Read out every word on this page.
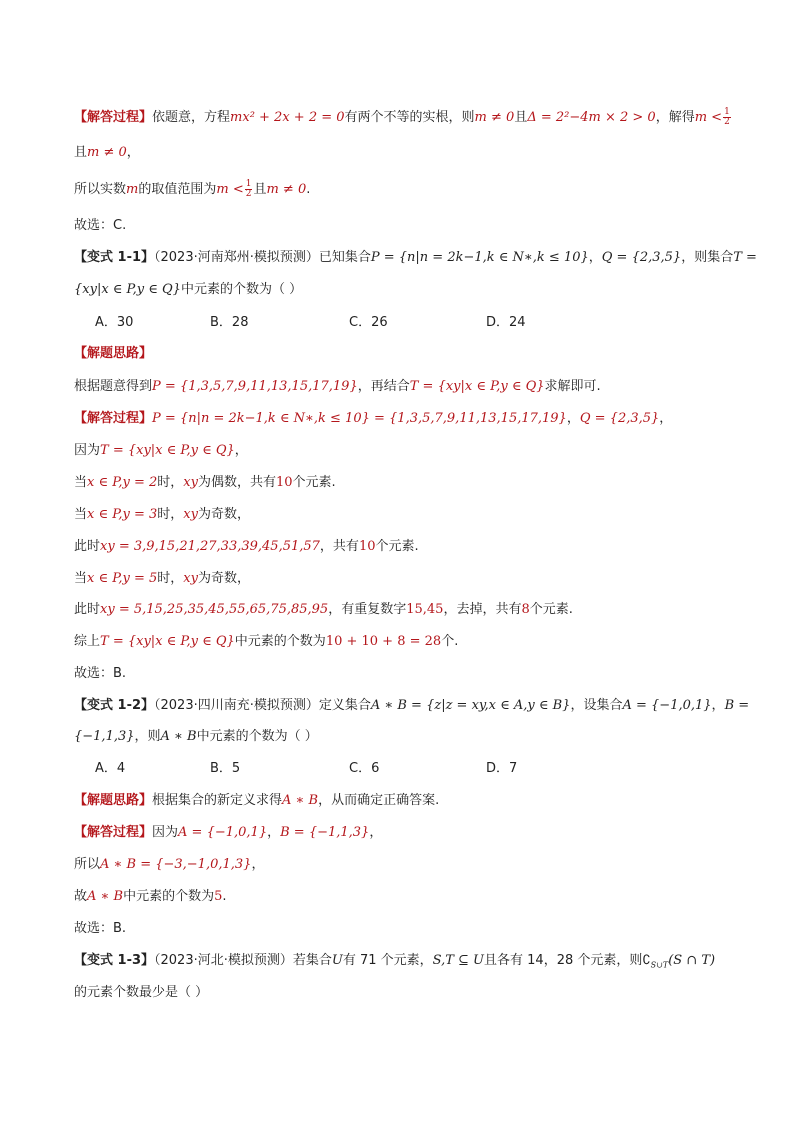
【解答过程】依题意，方程mx² + 2x + 2 = 0有两个不等的实根，则m ≠ 0且Δ = 2²−4m × 2 > 0，解得$m < \frac{1}{2}$
且m ≠ 0，
所以实数m的取值范围为$m < \frac{1}{2}$ 且m ≠ 0.
故选：C.
【变式 1-1】（2023·河南郑州·模拟预测）已知集合P = {n|n = 2k−1,k ∈ N∗,k ≤ 10}，Q = {2,3,5}，则集合T =
{xy|x ∈ P,y ∈ Q}中元素的个数为（ ）
A．30	B．28	C．26	D．24
【解题思路】
根据题意得到P = {1,3,5,7,9,11,13,15,17,19}，再结合T = {xy|x ∈ P,y ∈ Q}求解即可.
【解答过程】P = {n|n = 2k−1,k ∈ N∗,k ≤ 10} = {1,3,5,7,9,11,13,15,17,19}，Q = {2,3,5}，
因为T = {xy|x ∈ P,y ∈ Q}，
当x ∈ P,y = 2时，xy为偶数，共有10个元素.
当x ∈ P,y = 3时，xy为奇数，
此时xy = 3,9,15,21,27,33,39,45,51,57，共有10个元素.
当x ∈ P,y = 5时，xy为奇数，
此时xy = 5,15,25,35,45,55,65,75,85,95，有重复数字15,45，去掉，共有8个元素.
综上T = {xy|x ∈ P,y ∈ Q}中元素的个数为10 + 10 + 8 = 28个.
故选：B.
【变式 1-2】（2023·四川南充·模拟预测）定义集合A ∗ B = {z|z = xy,x ∈ A,y ∈ B}，设集合A = {−1,0,1}，B =
{−1,1,3}，则A ∗ B中元素的个数为（ ）
A．4	B．5	C．6	D．7
【解题思路】根据集合的新定义求得A ∗ B，从而确定正确答案.
【解答过程】因为A = {−1,0,1}，B = {−1,1,3}，
所以A ∗ B = {−3,−1,0,1,3}，
故A ∗ B中元素的个数为5.
故选：B.
【变式 1-3】（2023·河北·模拟预测）若集合U有 71 个元素，S,T ⊆ U且各有 14，28 个元素，则$∁_{S\cup T}(S$ ∩ T)
的元素个数最少是（ ）
